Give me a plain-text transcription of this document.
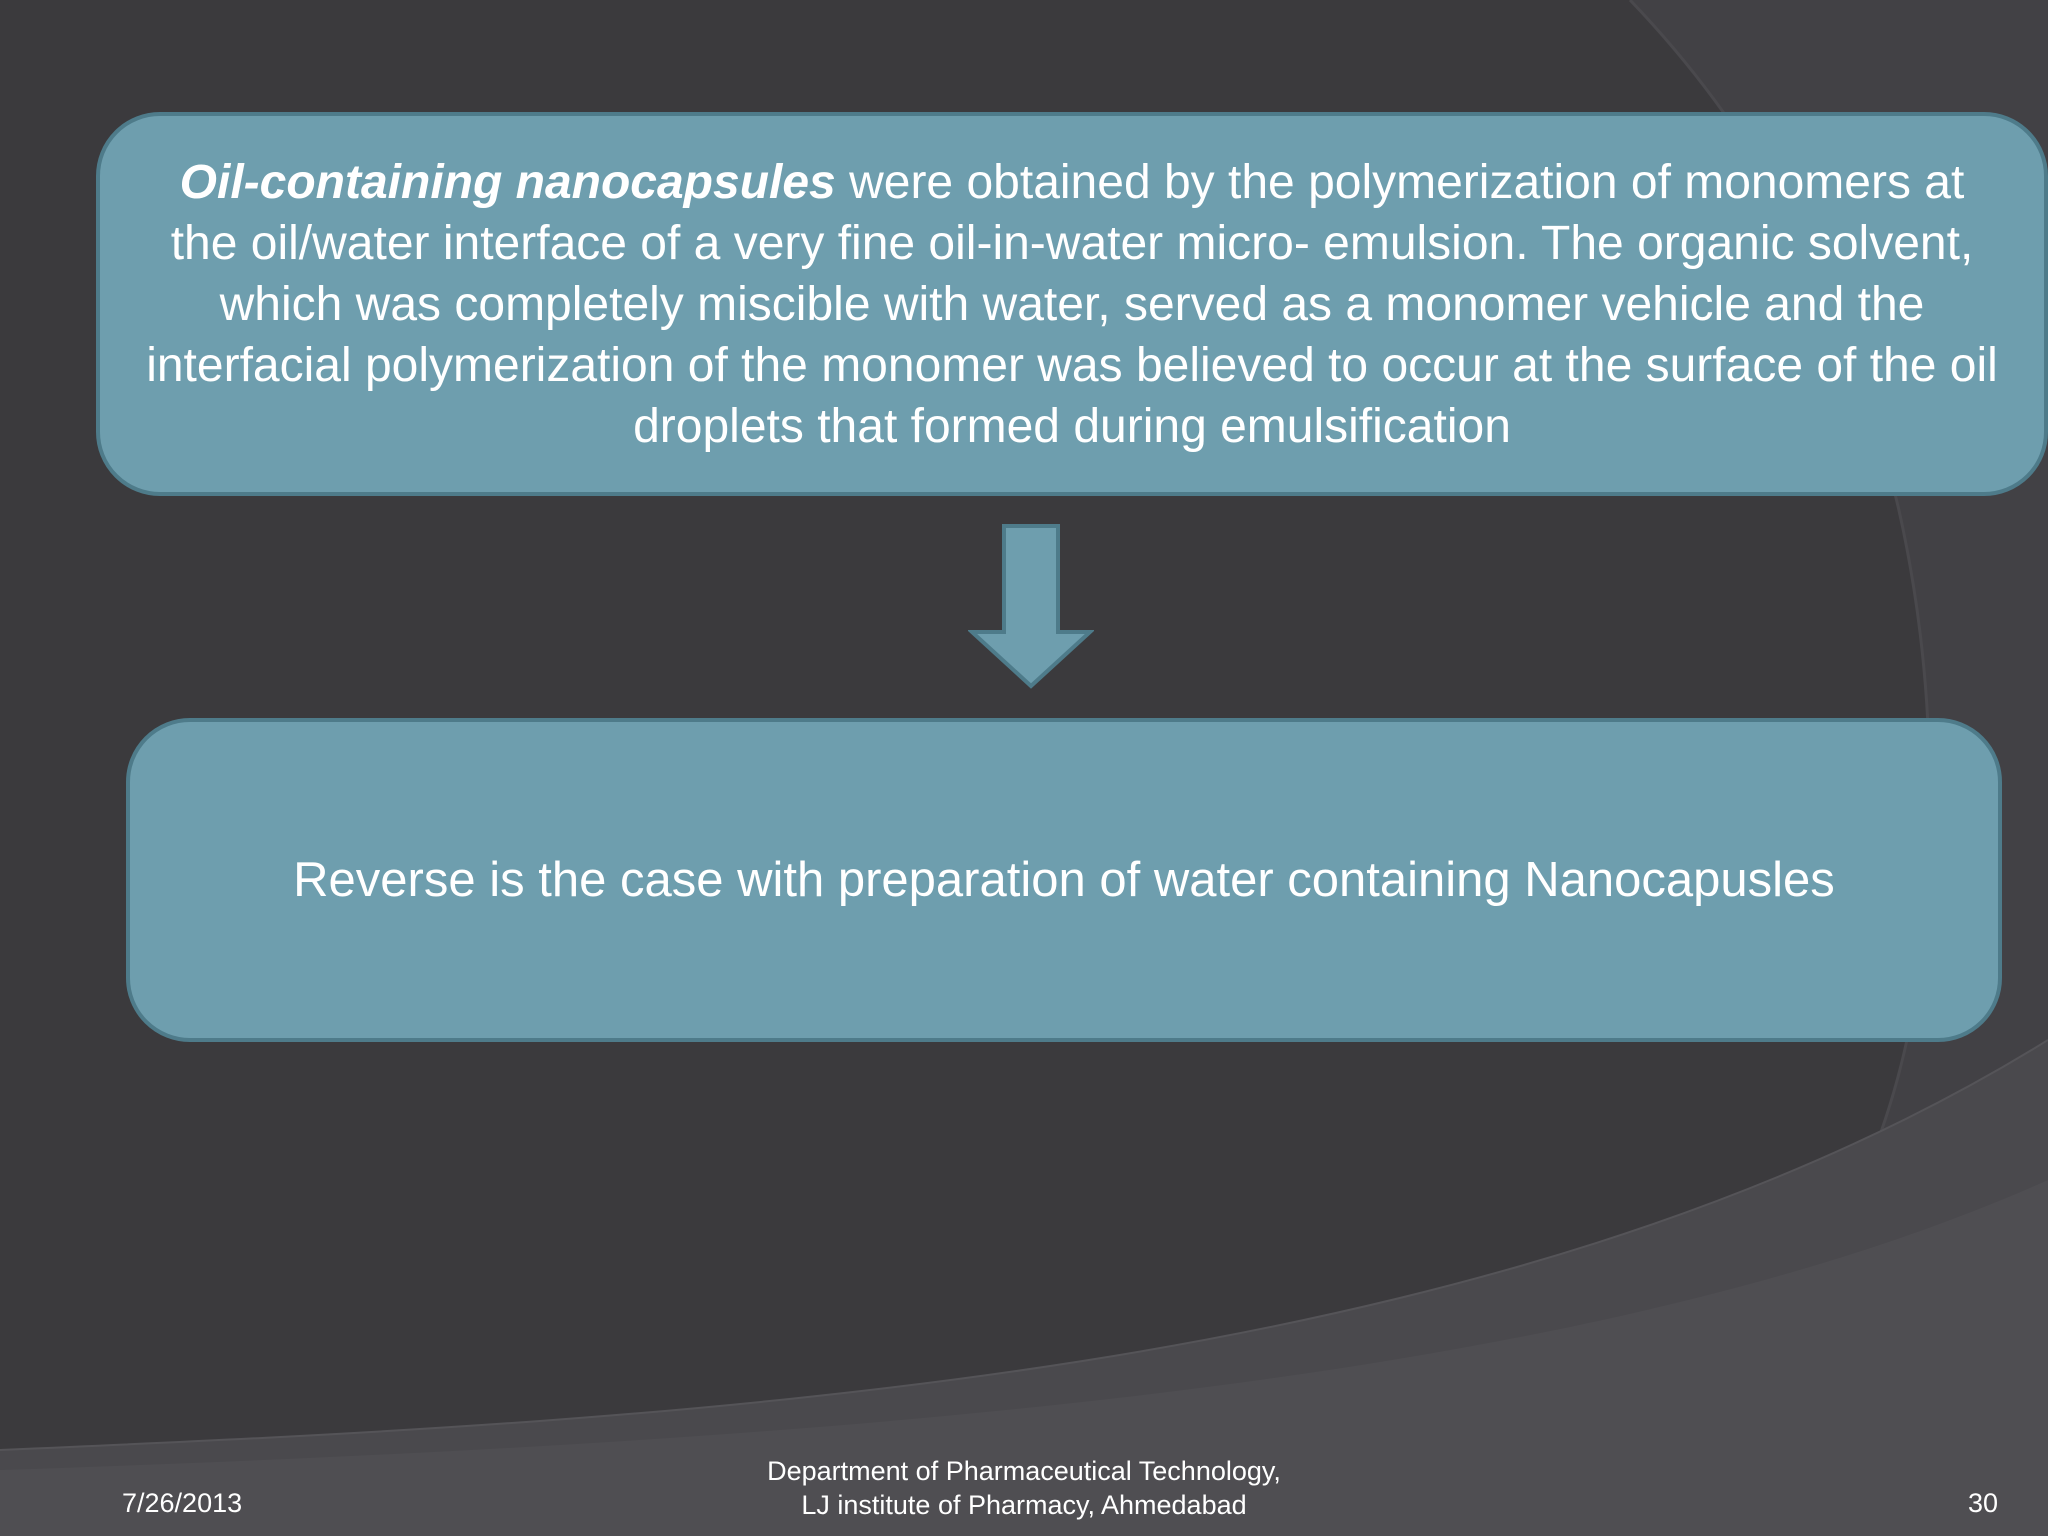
Oil-containing nanocapsules were obtained by the polymerization of monomers at the oil/water interface of a very fine oil-in-water micro- emulsion. The organic solvent, which was completely miscible with water, served as a monomer vehicle and the interfacial polymerization of the monomer was believed to occur at the surface of the oil droplets that formed during emulsification

Reverse is the case with preparation of water containing Nanocapusles

7/26/2013
Department of Pharmaceutical Technology,
LJ institute of Pharmacy, Ahmedabad	30
